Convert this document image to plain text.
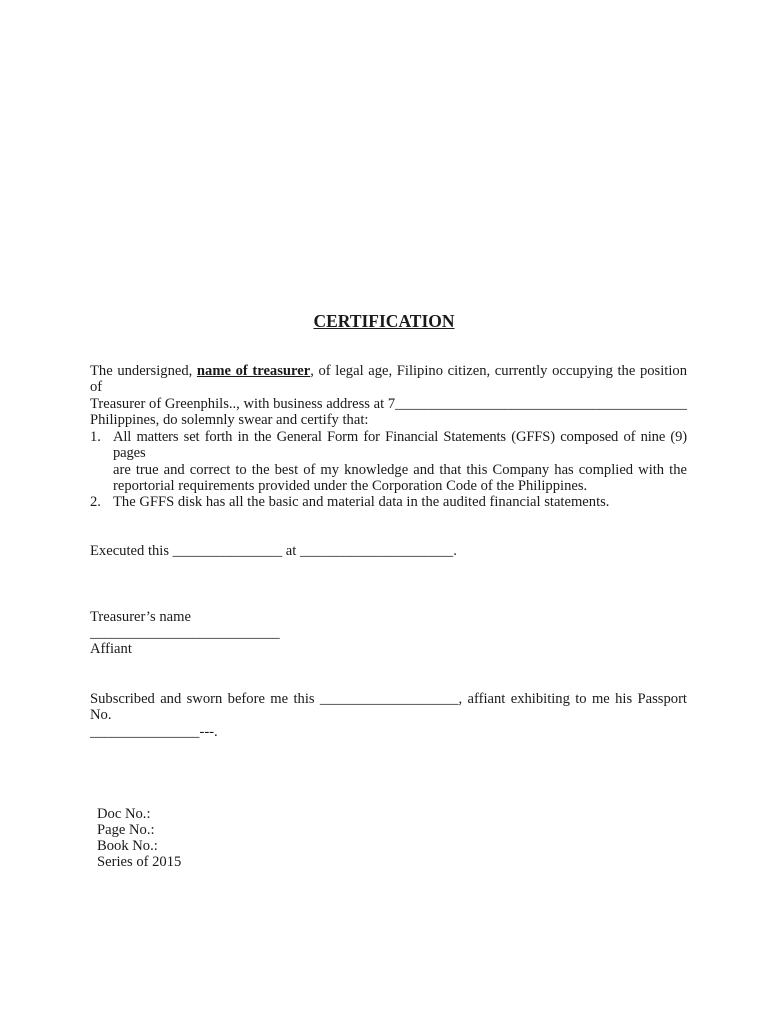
CERTIFICATION
The undersigned, name of treasurer, of legal age, Filipino citizen, currently occupying the position of
Treasurer of Greenphils.., with business address at 7________________________________________
Philippines, do solemnly swear and certify that:
1. All matters set forth in the General Form for Financial Statements (GFFS) composed of nine (9) pages
are true and correct to the best of my knowledge and that this Company has complied with the
reportorial requirements provided under the Corporation Code of the Philippines.
2. The GFFS disk has all the basic and material data in the audited financial statements.
Executed this _______________ at _____________________.
Treasurer’s name
__________________________
Affiant
Subscribed and sworn before me this ___________________, affiant exhibiting to me his Passport No.
_______________---.
Doc No.:
Page No.:
Book No.:
Series of 2015
